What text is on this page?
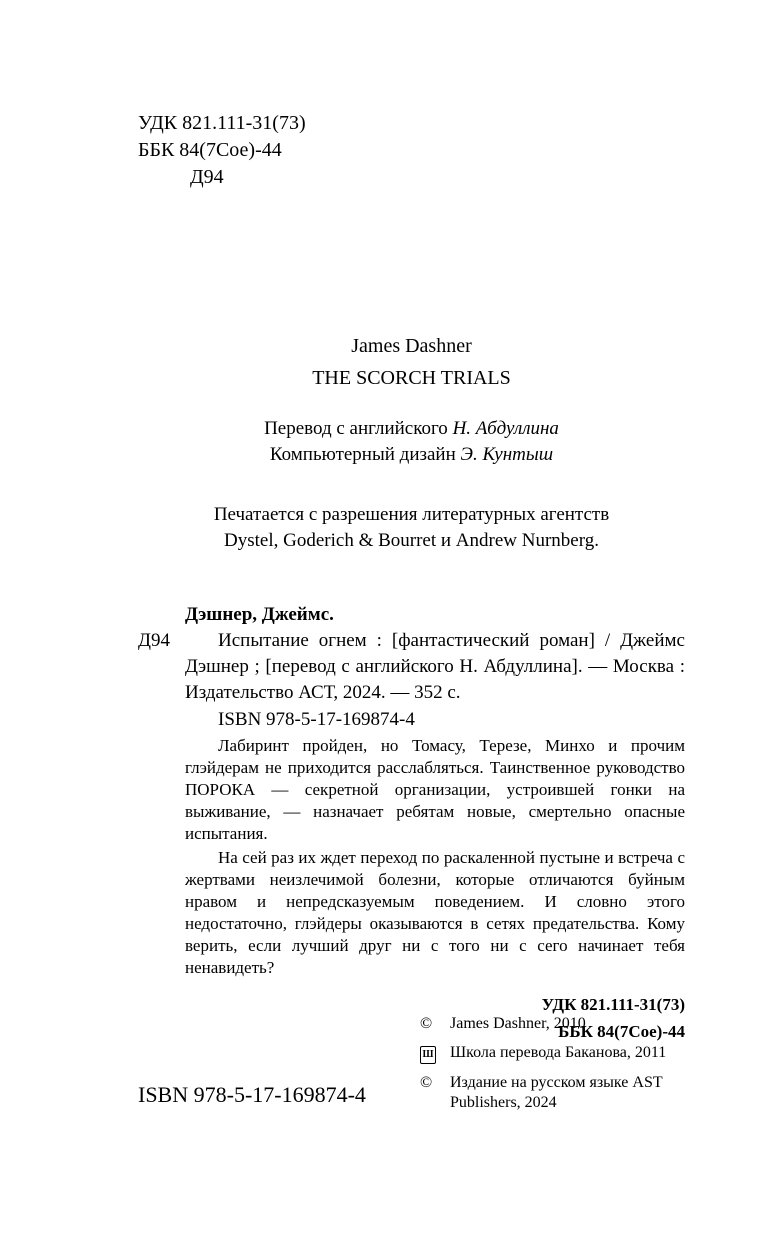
УДК 821.111-31(73)
ББК 84(7Сое)-44
Д94
James Dashner
THE SCORCH TRIALS
Перевод с английского Н. Абдуллина
Компьютерный дизайн Э. Кунтыш
Печатается с разрешения литературных агентств
Dystel, Goderich & Bourret и Andrew Nurnberg.
Дэшнер, Джеймс.
Д94	Испытание огнем : [фантастический роман] / Джеймс Дэшнер ; [перевод с английского Н. Абдуллина]. — Москва : Издательство АСТ, 2024. — 352 с.
ISBN 978-5-17-169874-4
Лабиринт пройден, но Томасу, Терезе, Минхо и прочим глэйдерам не приходится расслабляться. Таинственное руководство ПОРОКА — секретной организации, устроившей гонки на выживание, — назначает ребятам новые, смертельно опасные испытания.
На сей раз их ждет переход по раскаленной пустыне и встреча с жертвами неизлечимой болезни, которые отличаются буйным нравом и непредсказуемым поведением. И словно этого недостаточно, глэйдеры оказываются в сетях предательства. Кому верить, если лучший друг ни с того ни с сего начинает тебя ненавидеть?
УДК 821.111-31(73)
ББК 84(7Сое)-44
©	James Dashner, 2010
Ш	Школа перевода Баканова, 2011
©	Издание на русском языке AST Publishers, 2024
ISBN 978-5-17-169874-4
